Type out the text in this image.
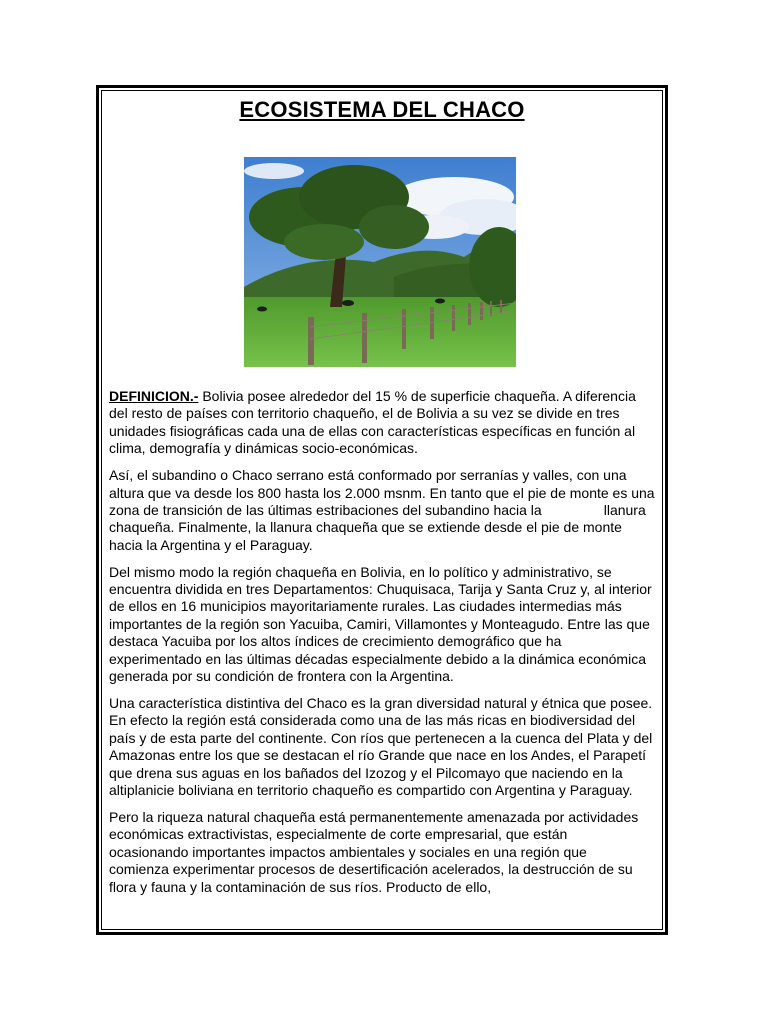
ECOSISTEMA DEL CHACO

DEFINICION.- Bolivia posee alrededor del 15 % de superficie chaqueña. A diferencia del resto de países con territorio chaqueño, el de Bolivia a su vez se divide en tres unidades fisiográficas cada una de ellas con características específicas en función al clima, demografía y dinámicas socio-económicas.

Así, el subandino o Chaco serrano está conformado por serranías y valles, con una altura que va desde los 800 hasta los 2.000 msnm. En tanto que el pie de monte es una zona de transición de las últimas estribaciones del subandino hacia la	llanura chaqueña. Finalmente, la llanura chaqueña que se extiende desde el pie de monte hacia la Argentina y el Paraguay.

Del mismo modo la región chaqueña en Bolivia, en lo político y administrativo, se encuentra dividida en tres Departamentos: Chuquisaca, Tarija y Santa Cruz y, al interior de ellos en 16 municipios mayoritariamente rurales. Las ciudades intermedias más importantes de la región son Yacuiba, Camiri, Villamontes y Monteagudo. Entre las que destaca Yacuiba por los altos índices de crecimiento demográfico que ha experimentado en las últimas décadas especialmente debido a la dinámica económica generada por su condición de frontera con la Argentina.

Una característica distintiva del Chaco es la gran diversidad natural y étnica que posee. En efecto la región está considerada como una de las más ricas en biodiversidad del país y de esta parte del continente. Con ríos que pertenecen a la cuenca del Plata y del Amazonas entre los que se destacan el río Grande que nace en los Andes, el Parapetí que drena sus aguas en los bañados del Izozog y el Pilcomayo que naciendo en la altiplanicie boliviana en territorio chaqueño es compartido con Argentina y Paraguay.

Pero la riqueza natural chaqueña está permanentemente amenazada por actividades económicas extractivistas, especialmente de corte empresarial, que estánocasionando importantes impactos ambientales y sociales en una región quecomienza experimentar procesos de desertificación acelerados, la destrucción de su flora y fauna y la contaminación de sus ríos. Producto de ello,
